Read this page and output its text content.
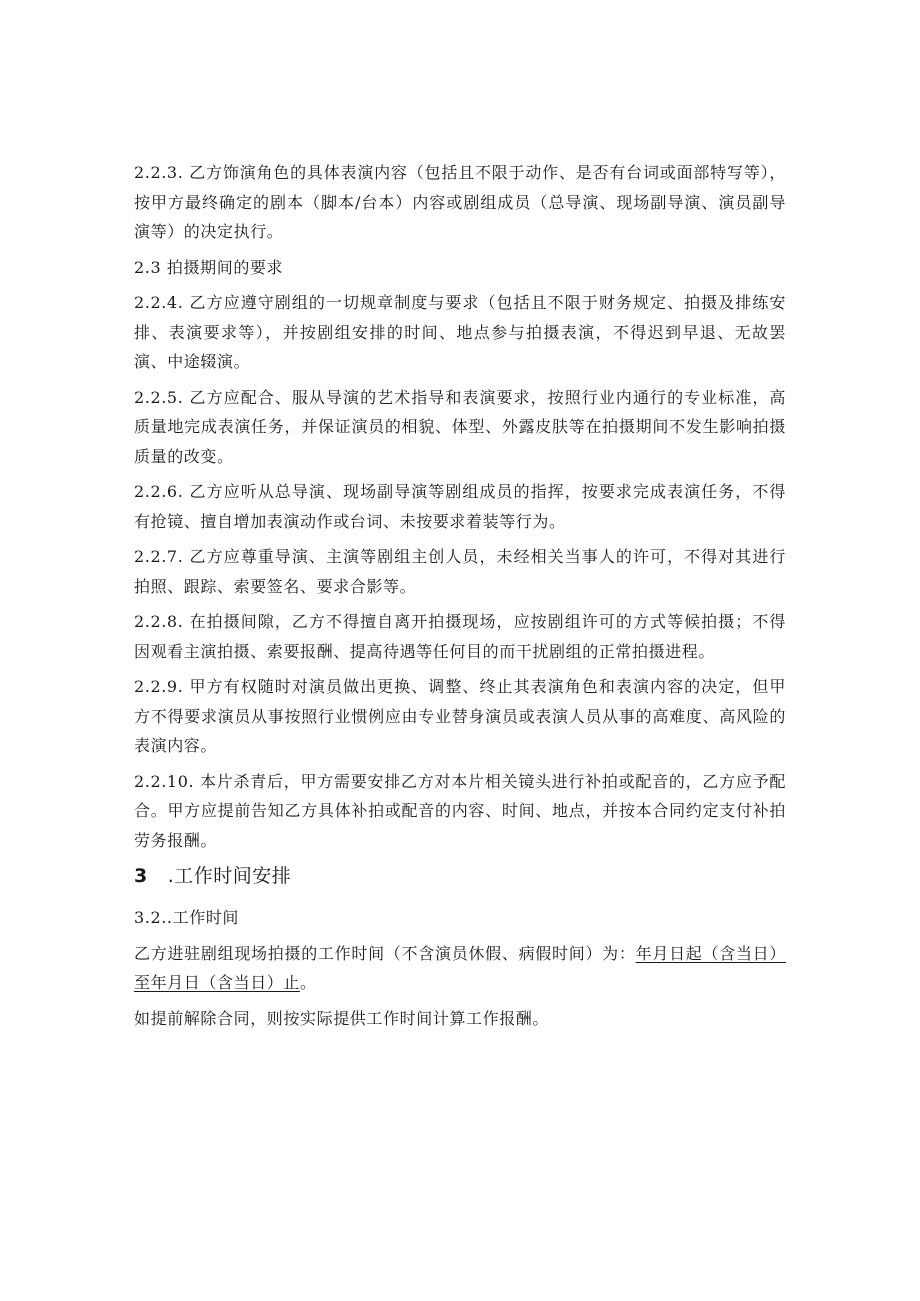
2.2.3. 乙方饰演角色的具体表演内容（包括且不限于动作、是否有台词或面部特写等），按甲方最终确定的剧本（脚本/台本）内容或剧组成员（总导演、现场副导演、演员副导演等）的决定执行。

2.3 拍摄期间的要求

2.2.4. 乙方应遵守剧组的一切规章制度与要求（包括且不限于财务规定、拍摄及排练安排、表演要求等），并按剧组安排的时间、地点参与拍摄表演，不得迟到早退、无故罢演、中途辍演。

2.2.5. 乙方应配合、服从导演的艺术指导和表演要求，按照行业内通行的专业标准，高质量地完成表演任务，并保证演员的相貌、体型、外露皮肤等在拍摄期间不发生影响拍摄质量的改变。

2.2.6. 乙方应听从总导演、现场副导演等剧组成员的指挥，按要求完成表演任务，不得有抢镜、擅自增加表演动作或台词、未按要求着装等行为。

2.2.7. 乙方应尊重导演、主演等剧组主创人员，未经相关当事人的许可，不得对其进行拍照、跟踪、索要签名、要求合影等。

2.2.8. 在拍摄间隙，乙方不得擅自离开拍摄现场，应按剧组许可的方式等候拍摄；不得因观看主演拍摄、索要报酬、提高待遇等任何目的而干扰剧组的正常拍摄进程。

2.2.9. 甲方有权随时对演员做出更换、调整、终止其表演角色和表演内容的决定，但甲方不得要求演员从事按照行业惯例应由专业替身演员或表演人员从事的高难度、高风险的表演内容。

2.2.10. 本片杀青后，甲方需要安排乙方对本片相关镜头进行补拍或配音的，乙方应予配合。甲方应提前告知乙方具体补拍或配音的内容、时间、地点，并按本合同约定支付补拍劳务报酬。

3 .工作时间安排

3.2..工作时间

乙方进驻剧组现场拍摄的工作时间（不含演员休假、病假时间）为：年月日起（含当日）至年月日（含当日）止。

如提前解除合同，则按实际提供工作时间计算工作报酬。
